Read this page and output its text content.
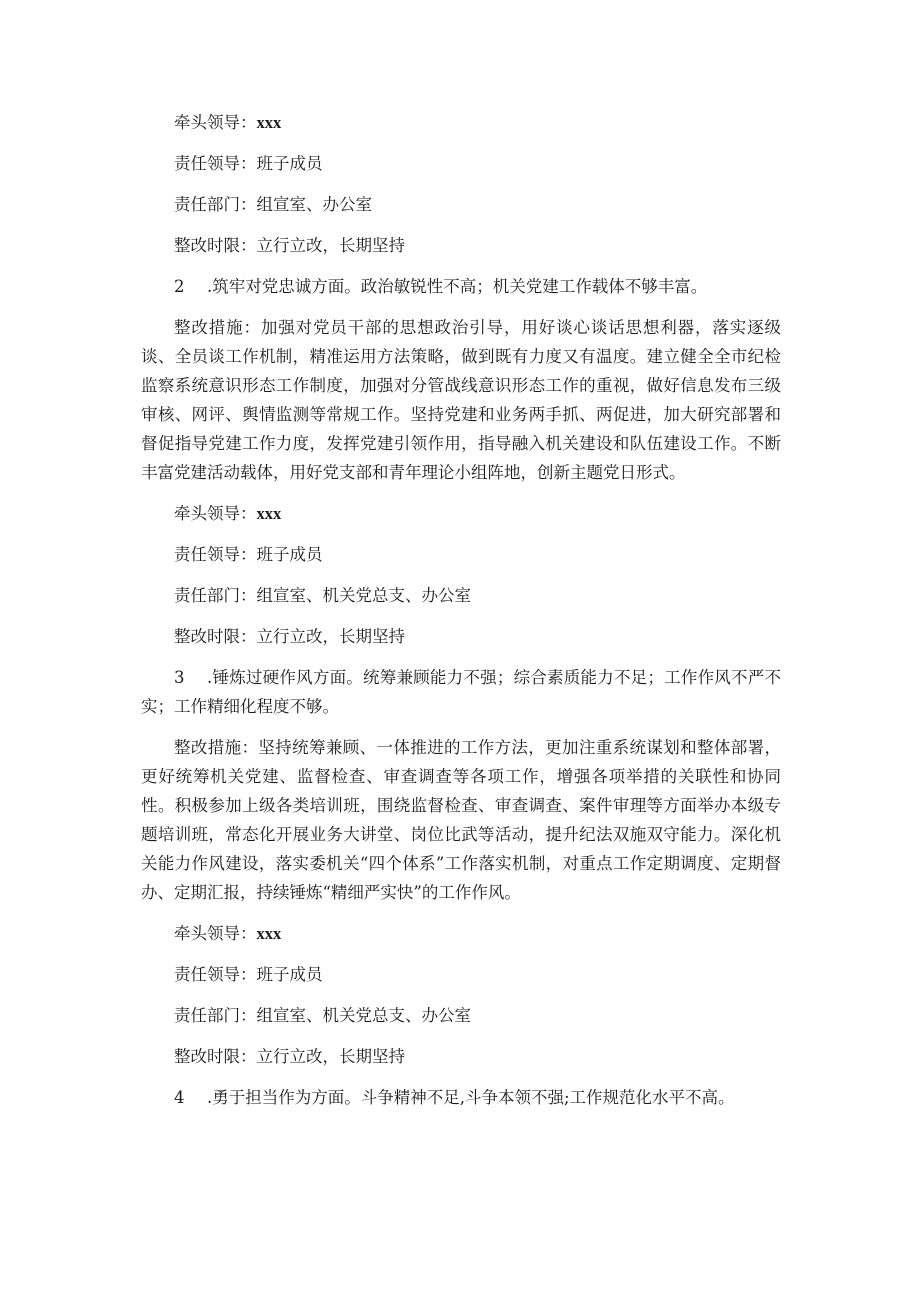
牵头领导：xxx
责任领导：班子成员
责任部门：组宣室、办公室
整改时限：立行立改，长期坚持
2 .筑牢对党忠诚方面。政治敏锐性不高；机关党建工作载体不够丰富。
整改措施：加强对党员干部的思想政治引导，用好谈心谈话思想利器，落实逐级谈、全员谈工作机制，精准运用方法策略，做到既有力度又有温度。建立健全全市纪检监察系统意识形态工作制度，加强对分管战线意识形态工作的重视，做好信息发布三级审核、网评、舆情监测等常规工作。坚持党建和业务两手抓、两促进，加大研究部署和督促指导党建工作力度，发挥党建引领作用，指导融入机关建设和队伍建设工作。不断丰富党建活动载体，用好党支部和青年理论小组阵地，创新主题党日形式。
牵头领导：xxx
责任领导：班子成员
责任部门：组宣室、机关党总支、办公室
整改时限：立行立改，长期坚持
3 .锤炼过硬作风方面。统筹兼顾能力不强；综合素质能力不足；工作作风不严不实；工作精细化程度不够。
整改措施：坚持统筹兼顾、一体推进的工作方法，更加注重系统谋划和整体部署，更好统筹机关党建、监督检查、审查调查等各项工作，增强各项举措的关联性和协同性。积极参加上级各类培训班，围绕监督检查、审查调查、案件审理等方面举办本级专题培训班，常态化开展业务大讲堂、岗位比武等活动，提升纪法双施双守能力。深化机关能力作风建设，落实委机关“四个体系”工作落实机制，对重点工作定期调度、定期督办、定期汇报，持续锤炼“精细严实快”的工作作风。
牵头领导：xxx
责任领导：班子成员
责任部门：组宣室、机关党总支、办公室
整改时限：立行立改，长期坚持
4 .勇于担当作为方面。斗争精神不足,斗争本领不强;工作规范化水平不高。
